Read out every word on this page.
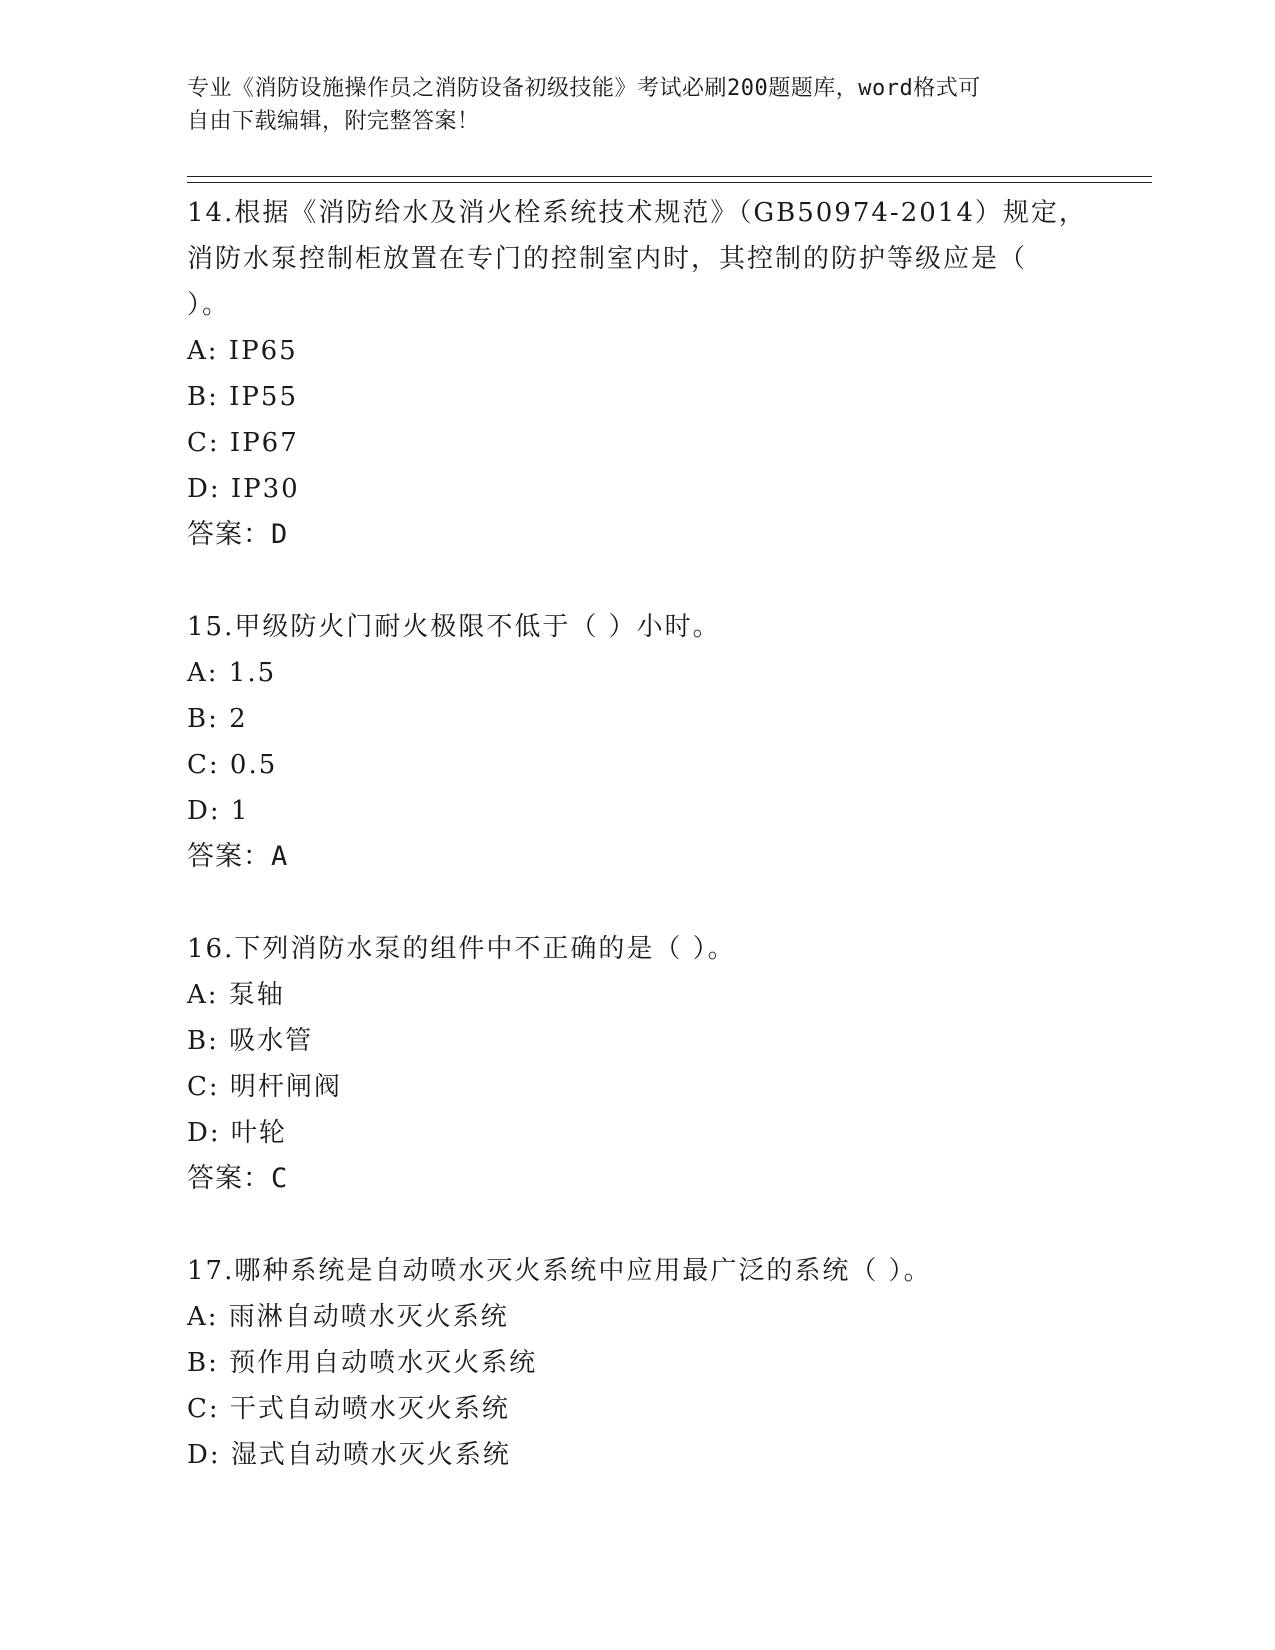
专业《消防设施操作员之消防设备初级技能》考试必刷200题题库，word格式可
自由下载编辑，附完整答案！
14.根据《消防给水及消火栓系统技术规范》（GB50974-2014）规定，
消防水泵控制柜放置在专门的控制室内时，其控制的防护等级应是（
）。
A: IP65
B: IP55
C: IP67
D: IP30
答案：D
15.甲级防火门耐火极限不低于（ ）小时。
A: 1.5
B: 2
C: 0.5
D: 1
答案：A
16.下列消防水泵的组件中不正确的是（ ）。
A: 泵轴
B: 吸水管
C: 明杆闸阀
D: 叶轮
答案：C
17.哪种系统是自动喷水灭火系统中应用最广泛的系统（ ）。
A: 雨淋自动喷水灭火系统
B: 预作用自动喷水灭火系统
C: 干式自动喷水灭火系统
D: 湿式自动喷水灭火系统
